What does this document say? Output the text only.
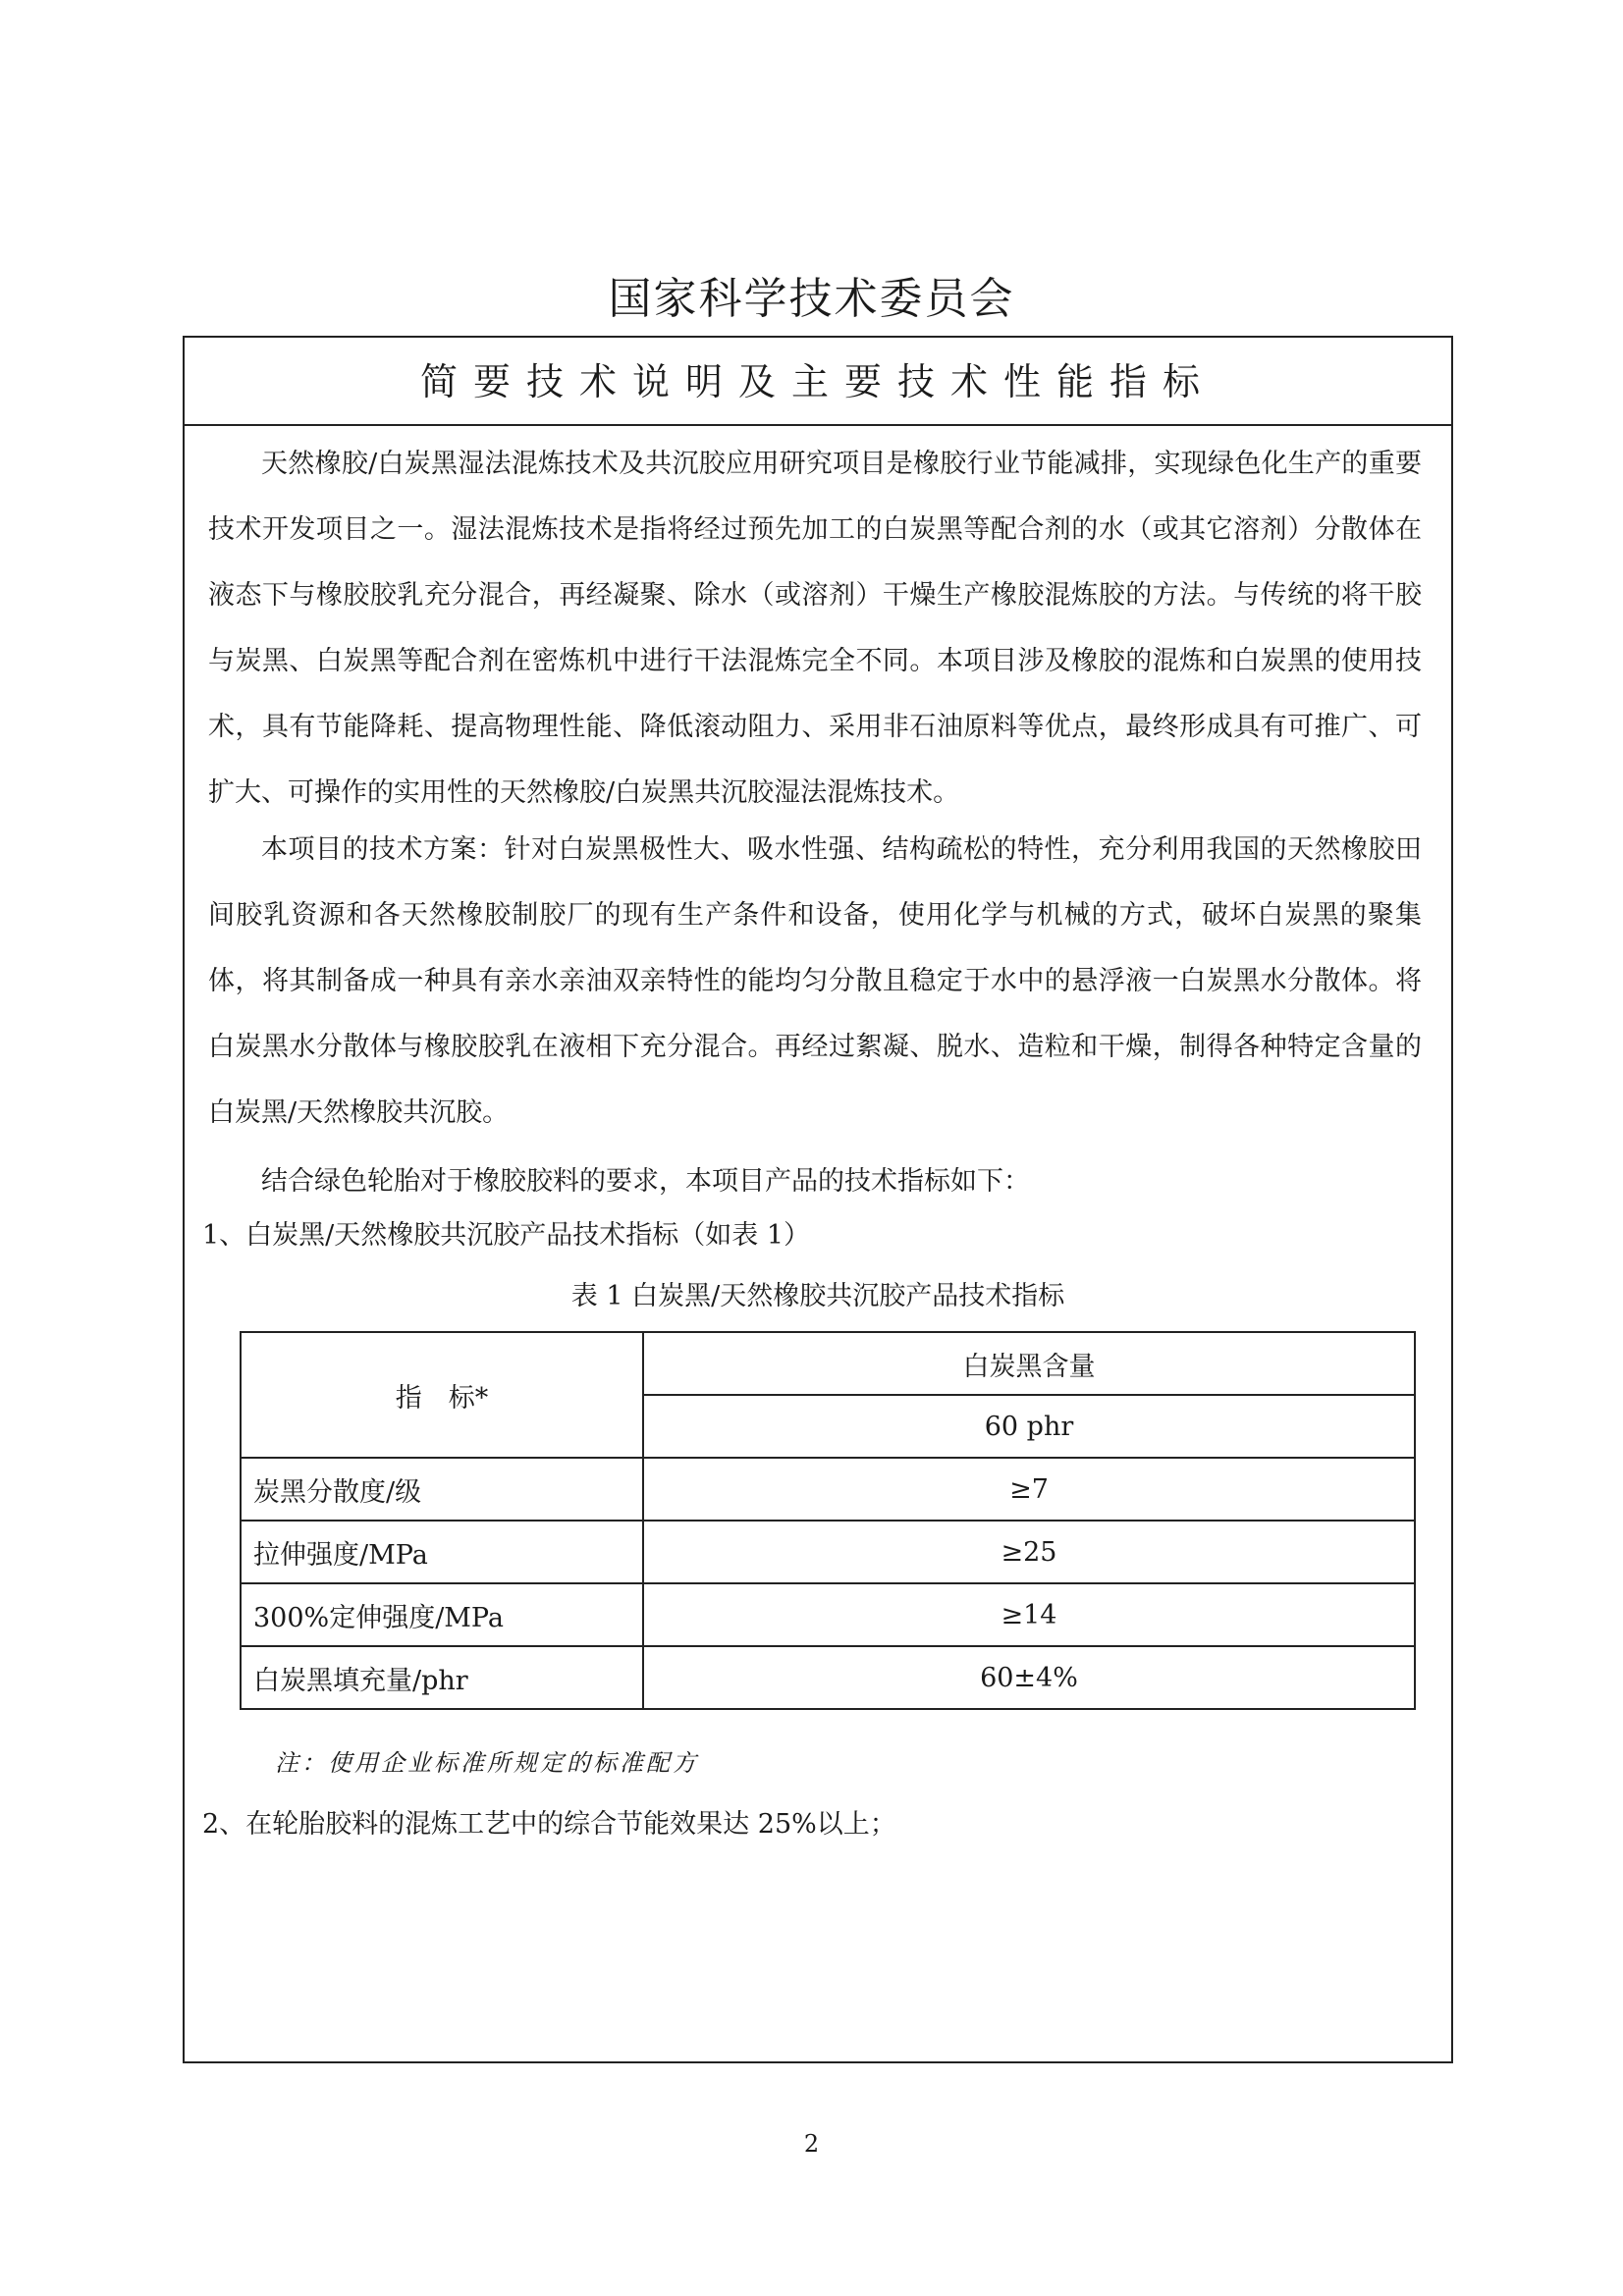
国家科学技术委员会
简要技术说明及主要技术性能指标
天然橡胶/白炭黑湿法混炼技术及共沉胶应用研究项目是橡胶行业节能减排，实现绿色化生产的重要技术开发项目之一。湿法混炼技术是指将经过预先加工的白炭黑等配合剂的水（或其它溶剂）分散体在液态下与橡胶胶乳充分混合，再经凝聚、除水（或溶剂）干燥生产橡胶混炼胶的方法。与传统的将干胶与炭黑、白炭黑等配合剂在密炼机中进行干法混炼完全不同。本项目涉及橡胶的混炼和白炭黑的使用技术，具有节能降耗、提高物理性能、降低滚动阻力、采用非石油原料等优点，最终形成具有可推广、可扩大、可操作的实用性的天然橡胶/白炭黑共沉胶湿法混炼技术。
本项目的技术方案：针对白炭黑极性大、吸水性强、结构疏松的特性，充分利用我国的天然橡胶田间胶乳资源和各天然橡胶制胶厂的现有生产条件和设备，使用化学与机械的方式，破坏白炭黑的聚集体，将其制备成一种具有亲水亲油双亲特性的能均匀分散且稳定于水中的悬浮液一白炭黑水分散体。将白炭黑水分散体与橡胶胶乳在液相下充分混合。再经过絮凝、脱水、造粒和干燥，制得各种特定含量的白炭黑/天然橡胶共沉胶。
结合绿色轮胎对于橡胶胶料的要求，本项目产品的技术指标如下：
1、白炭黑/天然橡胶共沉胶产品技术指标（如表 1）
表 1 白炭黑/天然橡胶共沉胶产品技术指标
指　标*	白炭黑含量
	60 phr
炭黑分散度/级	≥7
拉伸强度/MPa	≥25
300%定伸强度/MPa	≥14
白炭黑填充量/phr	60±4%
注：使用企业标准所规定的标准配方
2、在轮胎胶料的混炼工艺中的综合节能效果达 25%以上；
2
